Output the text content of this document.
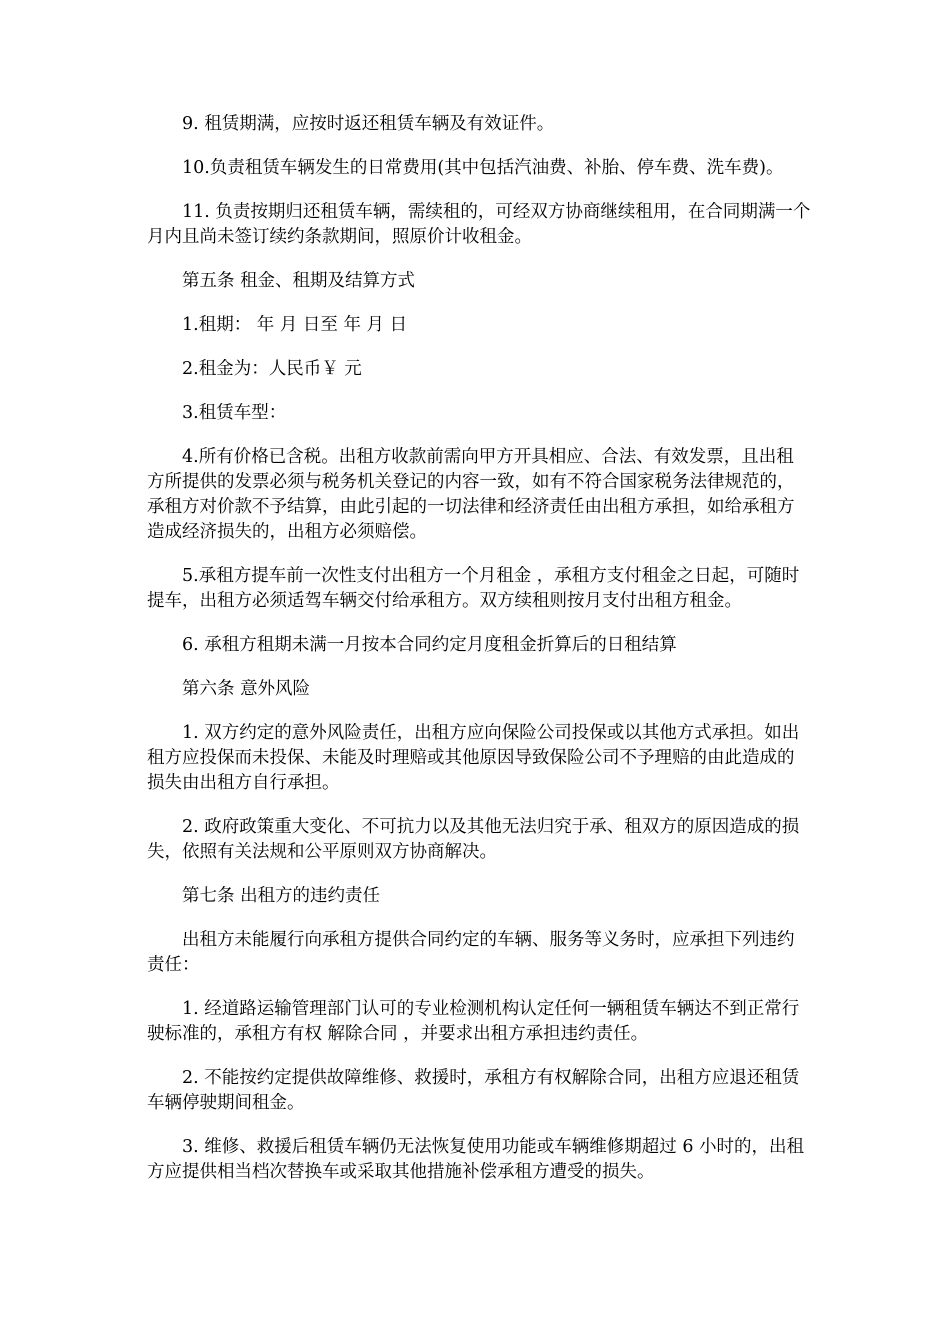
9. 租赁期满，应按时返还租赁车辆及有效证件。

10.负责租赁车辆发生的日常费用(其中包括汽油费、补胎、停车费、洗车费)。

11. 负责按期归还租赁车辆，需续租的，可经双方协商继续租用，在合同期满一个月内且尚未签订续约条款期间，照原价计收租金。

第五条 租金、租期及结算方式

1.租期： 年 月 日至 年 月 日

2.租金为：人民币￥ 元

3.租赁车型：

4.所有价格已含税。出租方收款前需向甲方开具相应、合法、有效发票，且出租方所提供的发票必须与税务机关登记的内容一致，如有不符合国家税务法律规范的，承租方对价款不予结算，由此引起的一切法律和经济责任由出租方承担，如给承租方造成经济损失的，出租方必须赔偿。

5.承租方提车前一次性支付出租方一个月租金 ，承租方支付租金之日起，可随时提车，出租方必须适驾车辆交付给承租方。双方续租则按月支付出租方租金。

6. 承租方租期未满一月按本合同约定月度租金折算后的日租结算

第六条 意外风险

1. 双方约定的意外风险责任，出租方应向保险公司投保或以其他方式承担。如出租方应投保而未投保、未能及时理赔或其他原因导致保险公司不予理赔的由此造成的损失由出租方自行承担。

2. 政府政策重大变化、不可抗力以及其他无法归究于承、租双方的原因造成的损失，依照有关法规和公平原则双方协商解决。

第七条 出租方的违约责任

出租方未能履行向承租方提供合同约定的车辆、服务等义务时，应承担下列违约责任：

1. 经道路运输管理部门认可的专业检测机构认定任何一辆租赁车辆达不到正常行驶标准的，承租方有权 解除合同 ，并要求出租方承担违约责任。

2. 不能按约定提供故障维修、救援时，承租方有权解除合同，出租方应退还租赁车辆停驶期间租金。

3. 维修、救援后租赁车辆仍无法恢复使用功能或车辆维修期超过 6 小时的，出租方应提供相当档次替换车或采取其他措施补偿承租方遭受的损失。
